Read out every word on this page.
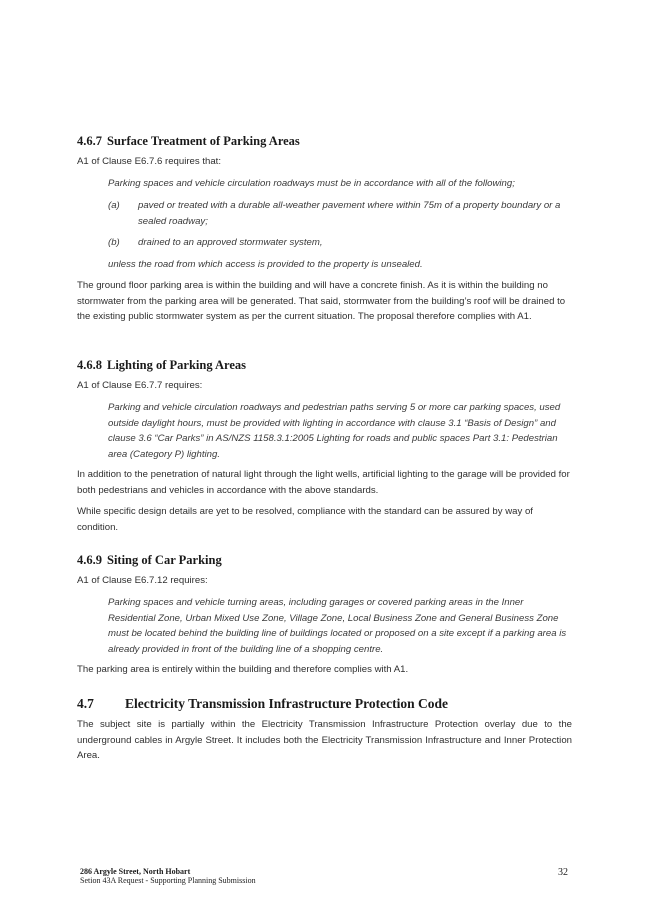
4.6.7 Surface Treatment of Parking Areas
A1 of Clause E6.7.6 requires that:
Parking spaces and vehicle circulation roadways must be in accordance with all of the following;
(a) paved or treated with a durable all-weather pavement where within 75m of a property boundary or a sealed roadway;
(b) drained to an approved stormwater system,
unless the road from which access is provided to the property is unsealed.
The ground floor parking area is within the building and will have a concrete finish. As it is within the building no stormwater from the parking area will be generated. That said, stormwater from the building’s roof will be drained to the existing public stormwater system as per the current situation. The proposal therefore complies with A1.
4.6.8 Lighting of Parking Areas
A1 of Clause E6.7.7 requires:
Parking and vehicle circulation roadways and pedestrian paths serving 5 or more car parking spaces, used outside daylight hours, must be provided with lighting in accordance with clause 3.1 “Basis of Design” and clause 3.6 “Car Parks” in AS/NZS 1158.3.1:2005 Lighting for roads and public spaces Part 3.1: Pedestrian area (Category P) lighting.
In addition to the penetration of natural light through the light wells, artificial lighting to the garage will be provided for both pedestrians and vehicles in accordance with the above standards.
While specific design details are yet to be resolved, compliance with the standard can be assured by way of condition.
4.6.9 Siting of Car Parking
A1 of Clause E6.7.12 requires:
Parking spaces and vehicle turning areas, including garages or covered parking areas in the Inner Residential Zone, Urban Mixed Use Zone, Village Zone, Local Business Zone and General Business Zone must be located behind the building line of buildings located or proposed on a site except if a parking area is already provided in front of the building line of a shopping centre.
The parking area is entirely within the building and therefore complies with A1.
4.7 Electricity Transmission Infrastructure Protection Code
The subject site is partially within the Electricity Transmission Infrastructure Protection overlay due to the underground cables in Argyle Street. It includes both the Electricity Transmission Infrastructure and Inner Protection Area.
286 Argyle Street, North Hobart
Setion 43A Request - Supporting Planning Submission
32
